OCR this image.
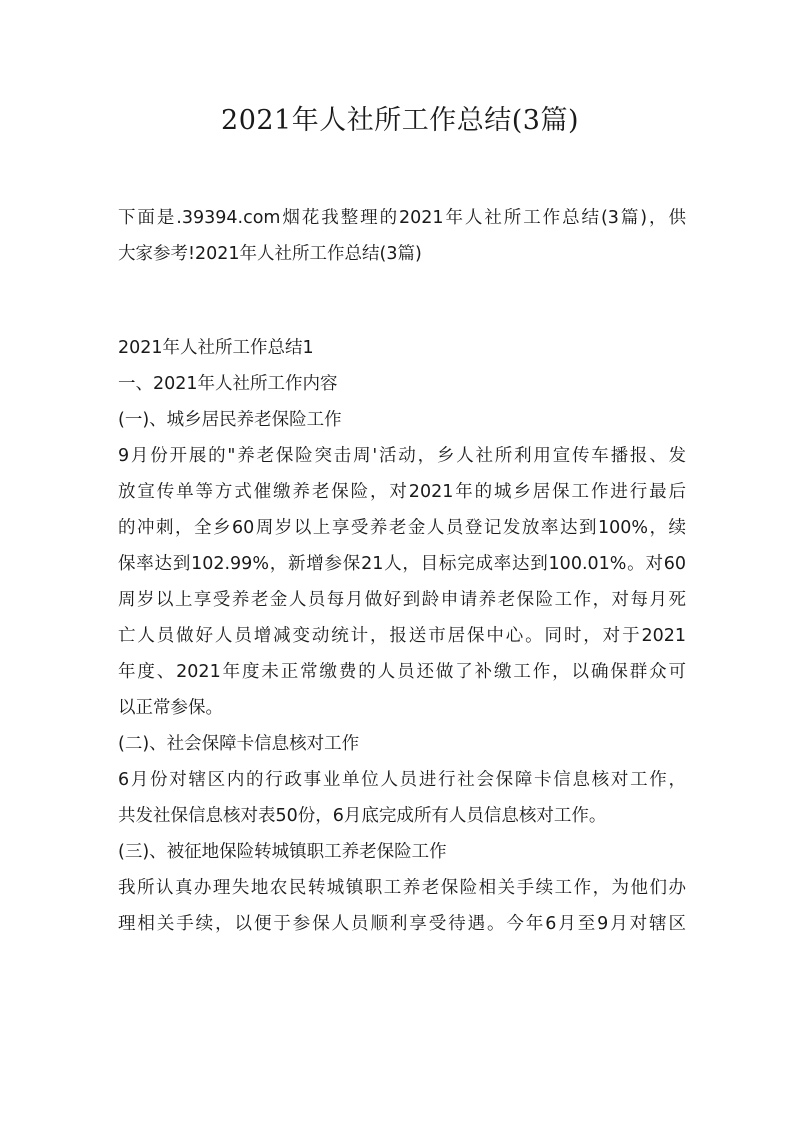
2021年人社所工作总结(3篇)
下面是.39394.com烟花我整理的2021年人社所工作总结(3篇)，供
大家参考!2021年人社所工作总结(3篇)
2021年人社所工作总结1
一、2021年人社所工作内容
(一)、城乡居民养老保险工作
9月份开展的"养老保险突击周'活动，乡人社所利用宣传车播报、发
放宣传单等方式催缴养老保险，对2021年的城乡居保工作进行最后
的冲刺，全乡60周岁以上享受养老金人员登记发放率达到100%，续
保率达到102.99%，新增参保21人，目标完成率达到100.01%。对60
周岁以上享受养老金人员每月做好到龄申请养老保险工作，对每月死
亡人员做好人员增减变动统计，报送市居保中心。同时，对于2021
年度、2021年度未正常缴费的人员还做了补缴工作，以确保群众可
以正常参保。
(二)、社会保障卡信息核对工作
6月份对辖区内的行政事业单位人员进行社会保障卡信息核对工作，
共发社保信息核对表50份，6月底完成所有人员信息核对工作。
(三)、被征地保险转城镇职工养老保险工作
我所认真办理失地农民转城镇职工养老保险相关手续工作，为他们办
理相关手续，以便于参保人员顺利享受待遇。今年6月至9月对辖区
